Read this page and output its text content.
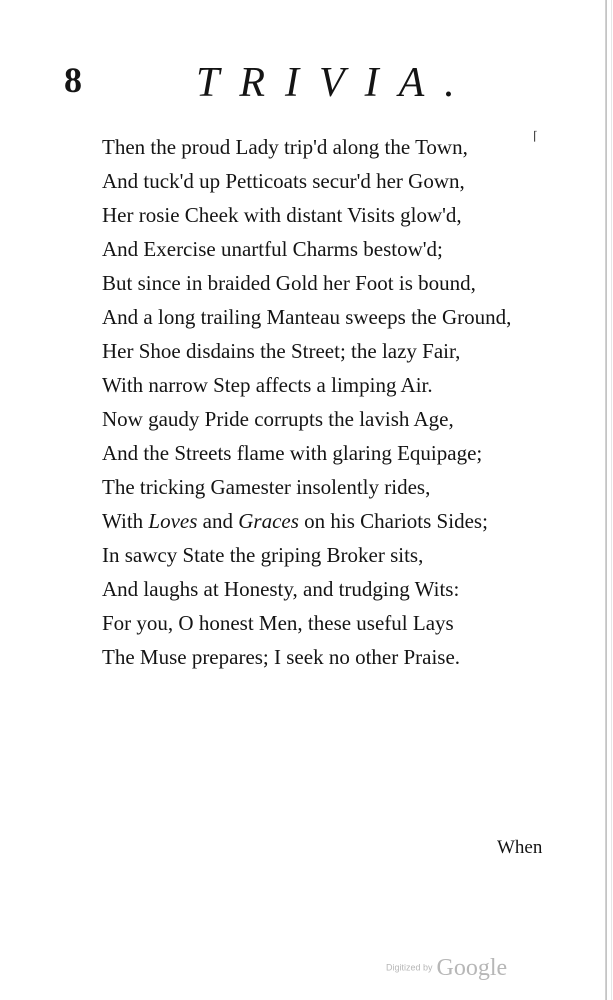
8	TRIVIA.
⌈
Then the proud Lady trip'd along the Town,
And tuck'd up Petticoats secur'd her Gown,
Her rosie Cheek with distant Visits glow'd,
And Exercise unartful Charms bestow'd;
But since in braided Gold her Foot is bound,
And a long trailing Manteau sweeps the Ground,
Her Shoe disdains the Street; the lazy Fair,
With narrow Step affects a limping Air.
Now gaudy Pride corrupts the lavish Age,
And the Streets flame with glaring Equipage;
The tricking Gamester insolently rides,
With Loves and Graces on his Chariots Sides;
In sawcy State the griping Broker sits,
And laughs at Honesty, and trudging Wits:
For you, O honest Men, these useful Lays
The Muse prepares; I seek no other Praise.
When
Digitized by Google
